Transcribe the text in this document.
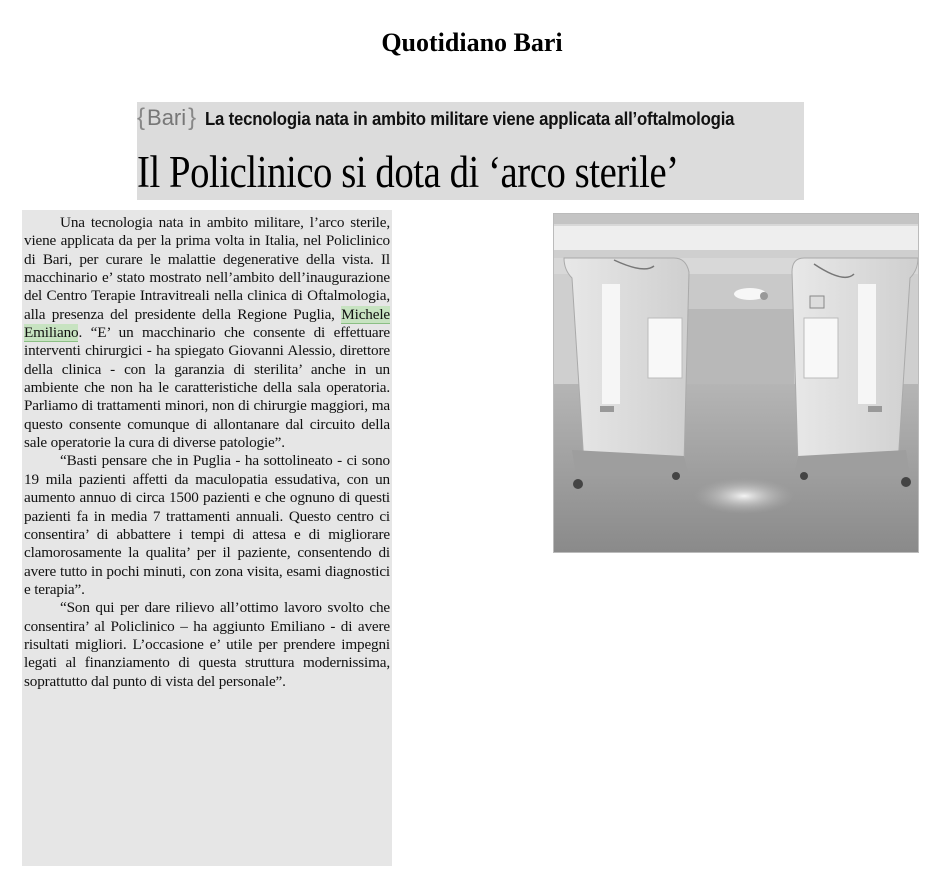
Quotidiano Bari
{Bari} La tecnologia nata in ambito militare viene applicata all’oftalmologia
Il Policlinico si dota di ‘arco sterile’

Una tecnologia nata in ambito militare, l’arco sterile, viene applicata da per la prima volta in Italia, nel Policlinico di Bari, per curare le malattie degenerative della vista. Il macchinario e’ stato mostrato nell’ambito dell’inaugurazione del Centro Terapie Intravitreali nella clinica di Oftalmologia, alla presenza del presidente della Regione Puglia, Michele Emiliano. “E’ un macchinario che consente di effettuare interventi chirurgici - ha spiegato Giovanni Alessio, direttore della clinica - con la garanzia di sterilita’ anche in un ambiente che non ha le caratteristiche della sala operatoria. Parliamo di trattamenti minori, non di chirurgie maggiori, ma questo consente comunque di allontanare dal circuito della sale operatorie la cura di diverse patologie”.

“Basti pensare che in Puglia - ha sottolineato - ci sono 19 mila pazienti affetti da maculopatia essudativa, con un aumento annuo di circa 1500 pazienti e che ognuno di questi pazienti fa in media 7 trattamenti annuali. Questo centro ci consentira’ di abbattere i tempi di attesa e di migliorare clamorosamente la qualita’ per il paziente, consentendo di avere tutto in pochi minuti, con zona visita, esami diagnostici e terapia”.

“Son qui per dare rilievo all’ottimo lavoro svolto che consentira’ al Policlinico – ha aggiunto Emiliano - di avere risultati migliori. L’occasione e’ utile per prendere impegni legati al finanziamento di questa struttura modernissima, soprattutto dal punto di vista del personale”.
